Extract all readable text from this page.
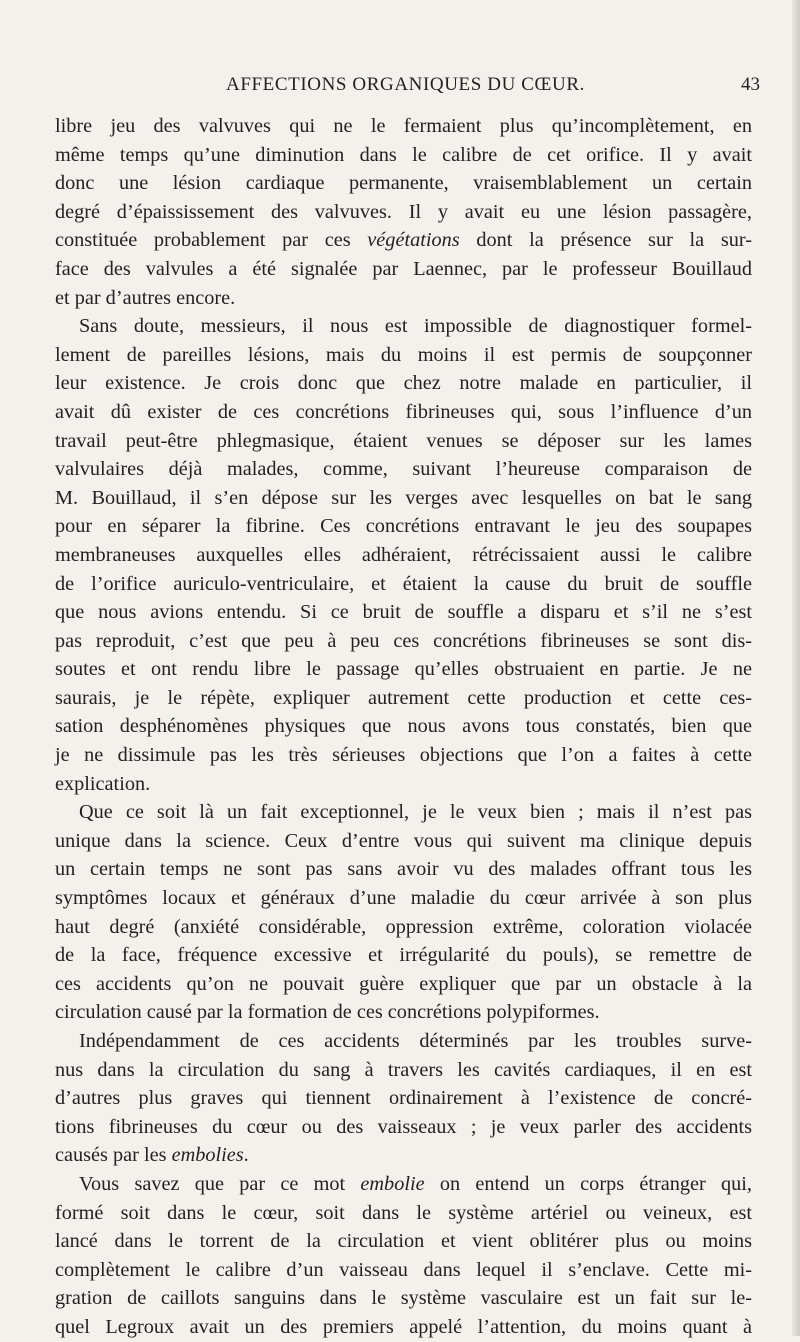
AFFECTIONS ORGANIQUES DU CŒUR.	43
libre jeu des valvuves qui ne le fermaient plus qu’incomplètement, en
même temps qu’une diminution dans le calibre de cet orifice. Il y avait
donc une lésion cardiaque permanente, vraisemblablement un certain
degré d’épaississement des valvuves. Il y avait eu une lésion passagère,
constituée probablement par ces végétations dont la présence sur la sur-
face des valvules a été signalée par Laennec, par le professeur Bouillaud
et par d’autres encore.
Sans doute, messieurs, il nous est impossible de diagnostiquer formel-
lement de pareilles lésions, mais du moins il est permis de soupçonner
leur existence. Je crois donc que chez notre malade en particulier, il
avait dû exister de ces concrétions fibrineuses qui, sous l’influence d’un
travail peut-être phlegmasique, étaient venues se déposer sur les lames
valvulaires déjà malades, comme, suivant l’heureuse comparaison de
M. Bouillaud, il s’en dépose sur les verges avec lesquelles on bat le sang
pour en séparer la fibrine. Ces concrétions entravant le jeu des soupapes
membraneuses auxquelles elles adhéraient, rétrécissaient aussi le calibre
de l’orifice auriculo-ventriculaire, et étaient la cause du bruit de souffle
que nous avions entendu. Si ce bruit de souffle a disparu et s’il ne s’est
pas reproduit, c’est que peu à peu ces concrétions fibrineuses se sont dis-
soutes et ont rendu libre le passage qu’elles obstruaient en partie. Je ne
saurais, je le répète, expliquer autrement cette production et cette ces-
sation desphénomènes physiques que nous avons tous constatés, bien que
je ne dissimule pas les très sérieuses objections que l’on a faites à cette
explication.
Que ce soit là un fait exceptionnel, je le veux bien ; mais il n’est pas
unique dans la science. Ceux d’entre vous qui suivent ma clinique depuis
un certain temps ne sont pas sans avoir vu des malades offrant tous les
symptômes locaux et généraux d’une maladie du cœur arrivée à son plus
haut degré (anxiété considérable, oppression extrême, coloration violacée
de la face, fréquence excessive et irrégularité du pouls), se remettre de
ces accidents qu’on ne pouvait guère expliquer que par un obstacle à la
circulation causé par la formation de ces concrétions polypiformes.
Indépendamment de ces accidents déterminés par les troubles surve-
nus dans la circulation du sang à travers les cavités cardiaques, il en est
d’autres plus graves qui tiennent ordinairement à l’existence de concré-
tions fibrineuses du cœur ou des vaisseaux ; je veux parler des accidents
causés par les embolies.
Vous savez que par ce mot embolie on entend un corps étranger qui,
formé soit dans le cœur, soit dans le système artériel ou veineux, est
lancé dans le torrent de la circulation et vient oblitérer plus ou moins
complètement le calibre d’un vaisseau dans lequel il s’enclave. Cette mi-
gration de caillots sanguins dans le système vasculaire est un fait sur le-
quel Legroux avait un des premiers appelé l’attention, du moins quant à
